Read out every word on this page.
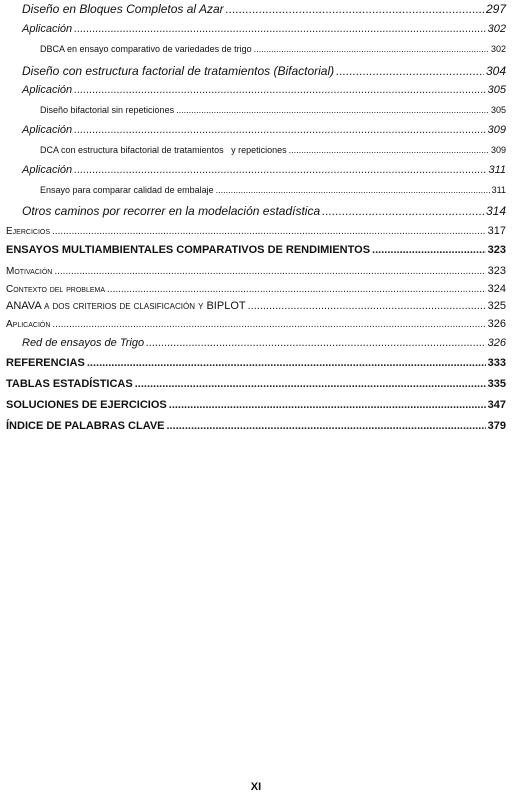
Diseño en Bloques Completos al Azar .....	297
Aplicación .....	302
DBCA en ensayo comparativo de variedades de trigo .....	302
Diseño con estructura factorial de tratamientos (Bifactorial) .....	304
Aplicación .....	305
Diseño bifactorial sin repeticiones .....	305
Aplicación .....	309
DCA con estructura bifactorial de tratamientos   y repeticiones .....	309
Aplicación .....	311
Ensayo para comparar calidad de embalaje .....	311
Otros caminos por recorrer en la modelación estadística .....	314
Ejercicios .....	317
ENSAYOS MULTIAMBIENTALES COMPARATIVOS DE RENDIMIENTOS .....	323
Motivación .....	323
Contexto del problema .....	324
ANAVA a dos criterios de clasificación y BIPLOT .....	325
Aplicación .....	326
Red de ensayos de Trigo .....	326
REFERENCIAS .....	333
TABLAS ESTADÍSTICAS .....	335
SOLUCIONES DE EJERCICIOS .....	347
ÍNDICE DE PALABRAS CLAVE .....	379
XI
